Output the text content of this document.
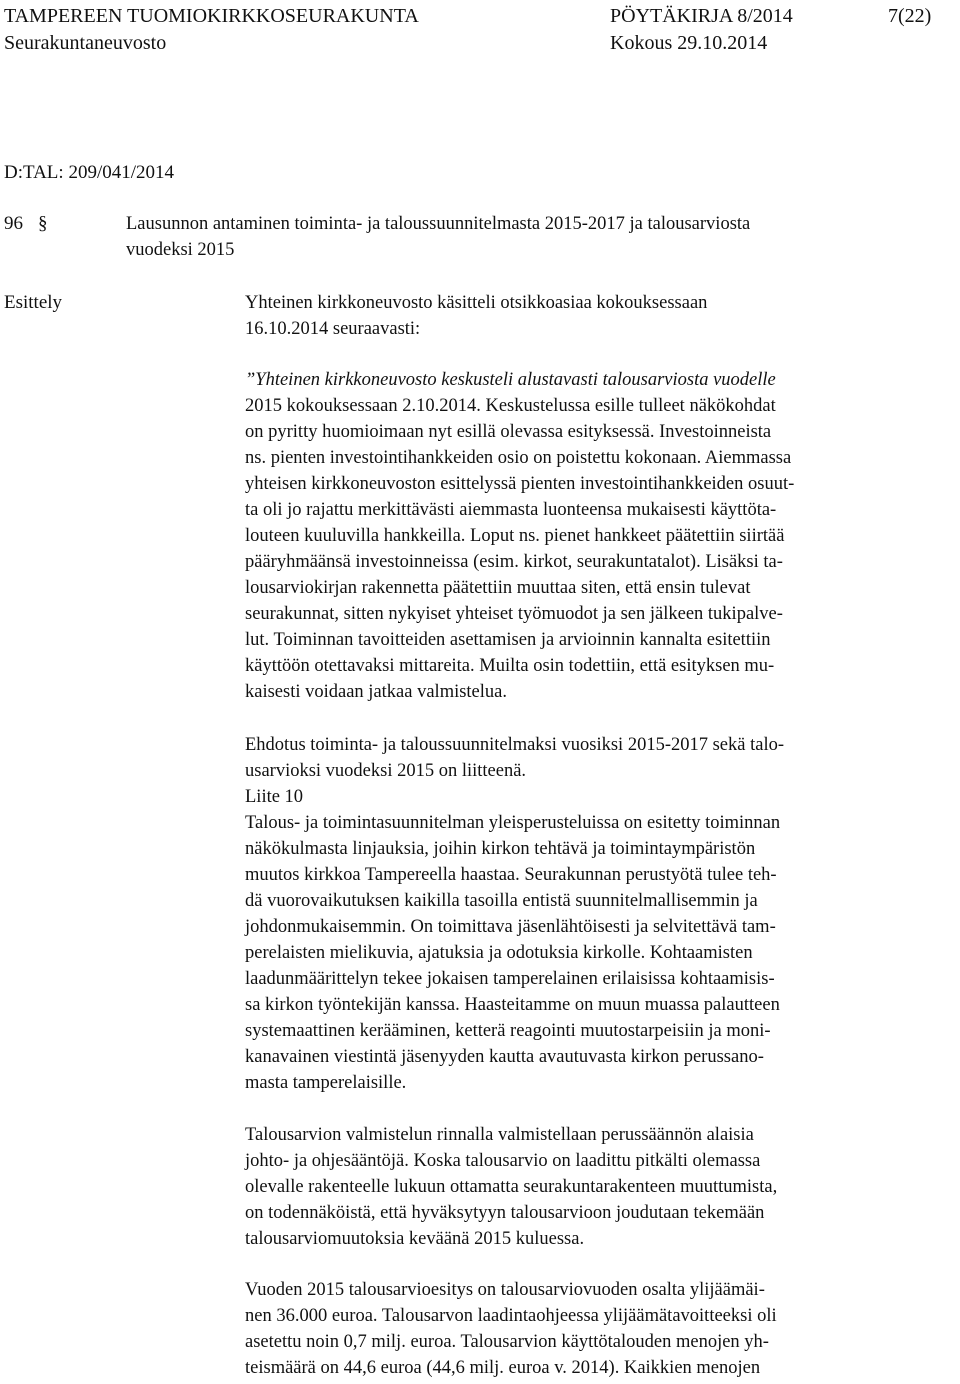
TAMPEREEN TUOMIOKIRKKOSEURAKUNTA	PÖYTÄKIRJA 8/2014	7(22)
Seurakuntaneuvosto	Kokous 29.10.2014
D:TAL: 209/041/2014
96 §	Lausunnon antaminen toiminta- ja taloussuunnitelmasta 2015-2017 ja talousarviosta
vuodeksi 2015
Esittely	Yhteinen kirkkoneuvosto käsitteli otsikkoasiaa kokouksessaan
16.10.2014 seuraavasti:
”Yhteinen kirkkoneuvosto keskusteli alustavasti talousarviosta vuodelle
2015 kokouksessaan 2.10.2014. Keskustelussa esille tulleet näkökohdat
on pyritty huomioimaan nyt esillä olevassa esityksessä. Investoinneista
ns. pienten investointihankkeiden osio on poistettu kokonaan. Aiemmassa
yhteisen kirkkoneuvoston esittelyssä pienten investointihankkeiden osuut-
ta oli jo rajattu merkittävästi aiemmasta luonteensa mukaisesti käyttöta-
louteen kuuluvilla hankkeilla. Loput ns. pienet hankkeet päätettiin siirtää
pääryhmäänsä investoinneissa (esim. kirkot, seurakuntatalot). Lisäksi ta-
lousarviokirjan rakennetta päätettiin muuttaa siten, että ensin tulevat
seurakunnat, sitten nykyiset yhteiset työmuodot ja sen jälkeen tukipalve-
lut. Toiminnan tavoitteiden asettamisen ja arvioinnin kannalta esitettiin
käyttöön otettavaksi mittareita. Muilta osin todettiin, että esityksen mu-
kaisesti voidaan jatkaa valmistelua.
Ehdotus toiminta- ja taloussuunnitelmaksi vuosiksi 2015-2017 sekä talo-
usarvioksi vuodeksi 2015 on liitteenä.
Liite 10
Talous- ja toimintasuunnitelman yleisperusteluissa on esitetty toiminnan
näkökulmasta linjauksia, joihin kirkon tehtävä ja toimintaympäristön
muutos kirkkoa Tampereella haastaa. Seurakunnan perustyötä tulee teh-
dä vuorovaikutuksen kaikilla tasoilla entistä suunnitelmallisemmin ja
johdonmukaisemmin. On toimittava jäsenlähtöisesti ja selvitettävä tam-
perelaisten mielikuvia, ajatuksia ja odotuksia kirkolle. Kohtaamisten
laadunmäärittelyn tekee jokaisen tamperelainen erilaisissa kohtaamisis-
sa kirkon työntekijän kanssa. Haasteitamme on muun muassa palautteen
systemaattinen kerääminen, ketterä reagointi muutostarpeisiin ja moni-
kanavainen viestintä jäsenyyden kautta avautuvasta kirkon perussano-
masta tamperelaisille.
Talousarvion valmistelun rinnalla valmistellaan perussäännön alaisia
johto- ja ohjesääntöjä. Koska talousarvio on laadittu pitkälti olemassa
olevalle rakenteelle lukuun ottamatta seurakuntarakenteen muuttumista,
on todennäköistä, että hyväksytyyn talousarvioon joudutaan tekemään
talousarviomuutoksia keväänä 2015 kuluessa.
Vuoden 2015 talousarvioesitys on talousarviovuoden osalta ylijäämäi-
nen 36.000 euroa. Talousarvon laadintaohjeessa ylijäämätavoitteeksi oli
asetettu noin 0,7 milj. euroa. Talousarvion käyttötalouden menojen yh-
teismäärä on 44,6 euroa (44,6 milj. euroa v. 2014). Kaikkien menojen
